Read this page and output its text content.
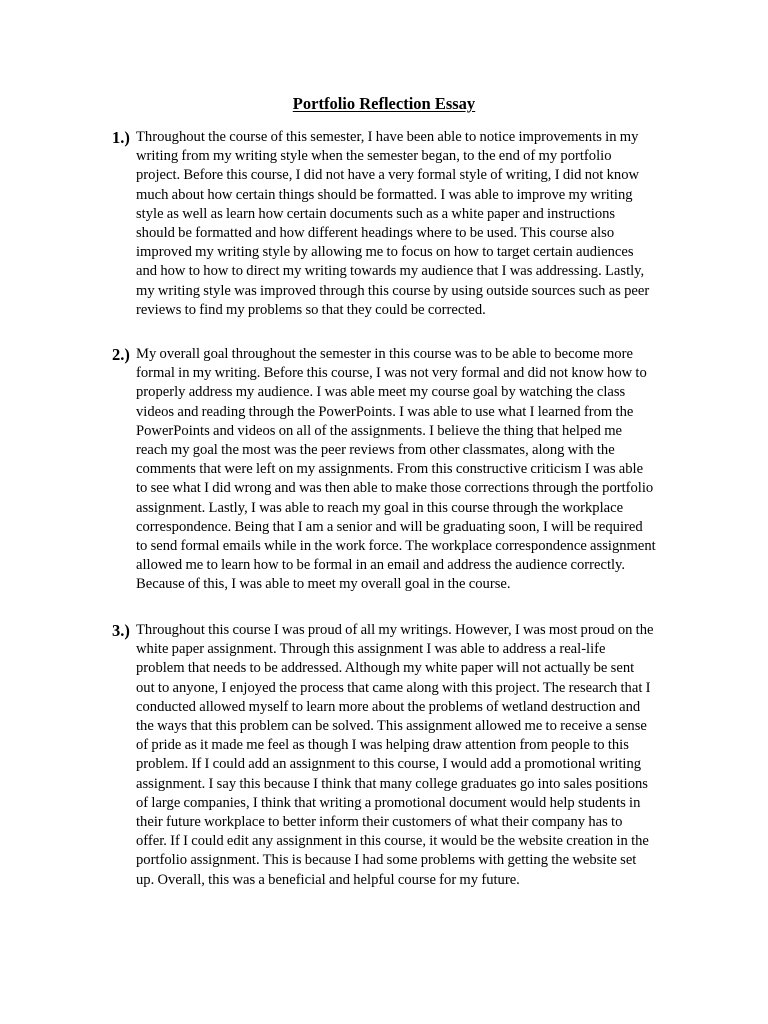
Portfolio Reflection Essay
1.) Throughout the course of this semester, I have been able to notice improvements in my
writing from my writing style when the semester began, to the end of my portfolio
project. Before this course, I did not have a very formal style of writing, I did not know
much about how certain things should be formatted. I was able to improve my writing
style as well as learn how certain documents such as a white paper and instructions
should be formatted and how different headings where to be used. This course also
improved my writing style by allowing me to focus on how to target certain audiences
and how to how to direct my writing towards my audience that I was addressing. Lastly,
my writing style was improved through this course by using outside sources such as peer
reviews to find my problems so that they could be corrected.

2.) My overall goal throughout the semester in this course was to be able to become more
formal in my writing. Before this course, I was not very formal and did not know how to
properly address my audience. I was able meet my course goal by watching the class
videos and reading through the PowerPoints. I was able to use what I learned from the
PowerPoints and videos on all of the assignments. I believe the thing that helped me
reach my goal the most was the peer reviews from other classmates, along with the
comments that were left on my assignments. From this constructive criticism I was able
to see what I did wrong and was then able to make those corrections through the portfolio
assignment. Lastly, I was able to reach my goal in this course through the workplace
correspondence. Being that I am a senior and will be graduating soon, I will be required
to send formal emails while in the work force. The workplace correspondence assignment
allowed me to learn how to be formal in an email and address the audience correctly.
Because of this, I was able to meet my overall goal in the course.

3.) Throughout this course I was proud of all my writings. However, I was most proud on the
white paper assignment. Through this assignment I was able to address a real-life
problem that needs to be addressed. Although my white paper will not actually be sent
out to anyone, I enjoyed the process that came along with this project. The research that I
conducted allowed myself to learn more about the problems of wetland destruction and
the ways that this problem can be solved. This assignment allowed me to receive a sense
of pride as it made me feel as though I was helping draw attention from people to this
problem. If I could add an assignment to this course, I would add a promotional writing
assignment. I say this because I think that many college graduates go into sales positions
of large companies, I think that writing a promotional document would help students in
their future workplace to better inform their customers of what their company has to
offer. If I could edit any assignment in this course, it would be the website creation in the
portfolio assignment. This is because I had some problems with getting the website set
up. Overall, this was a beneficial and helpful course for my future.
